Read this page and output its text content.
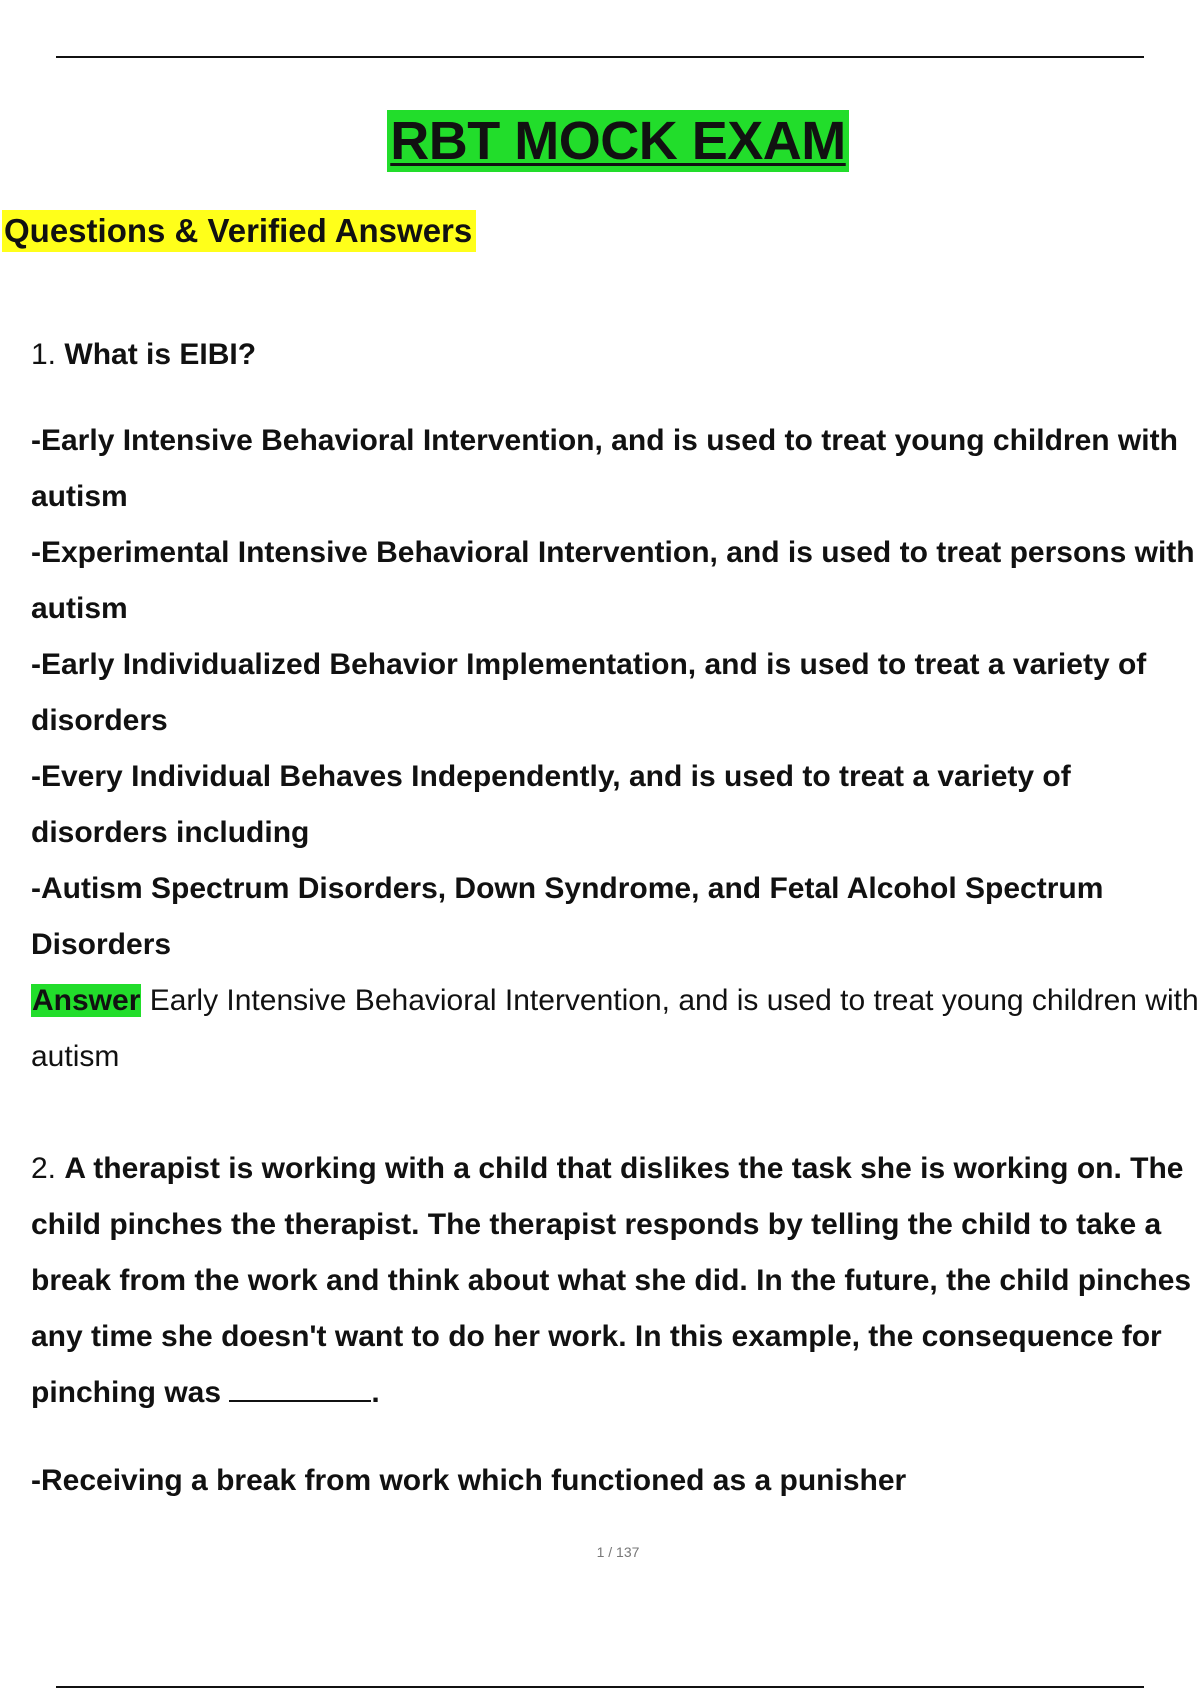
RBT MOCK EXAM
Questions & Verified Answers

1. What is EIBI?

-Early Intensive Behavioral Intervention, and is used to treat young children with autism

-Experimental Intensive Behavioral Intervention, and is used to treat persons with autism

-Early Individualized Behavior Implementation, and is used to treat a variety of disorders

-Every Individual Behaves Independently, and is used to treat a variety of disorders including

-Autism Spectrum Disorders, Down Syndrome, and Fetal Alcohol Spectrum Disorders

Answer Early Intensive Behavioral Intervention, and is used to treat young children with autism

2. A therapist is working with a child that dislikes the task she is working on. The child pinches the therapist. The therapist responds by telling the child to take a break from the work and think about what she did. In the future, the child pinches any time she doesn't want to do her work. In this example, the consequence for pinching was	.

-Receiving a break from work which functioned as a punisher

1 / 137
